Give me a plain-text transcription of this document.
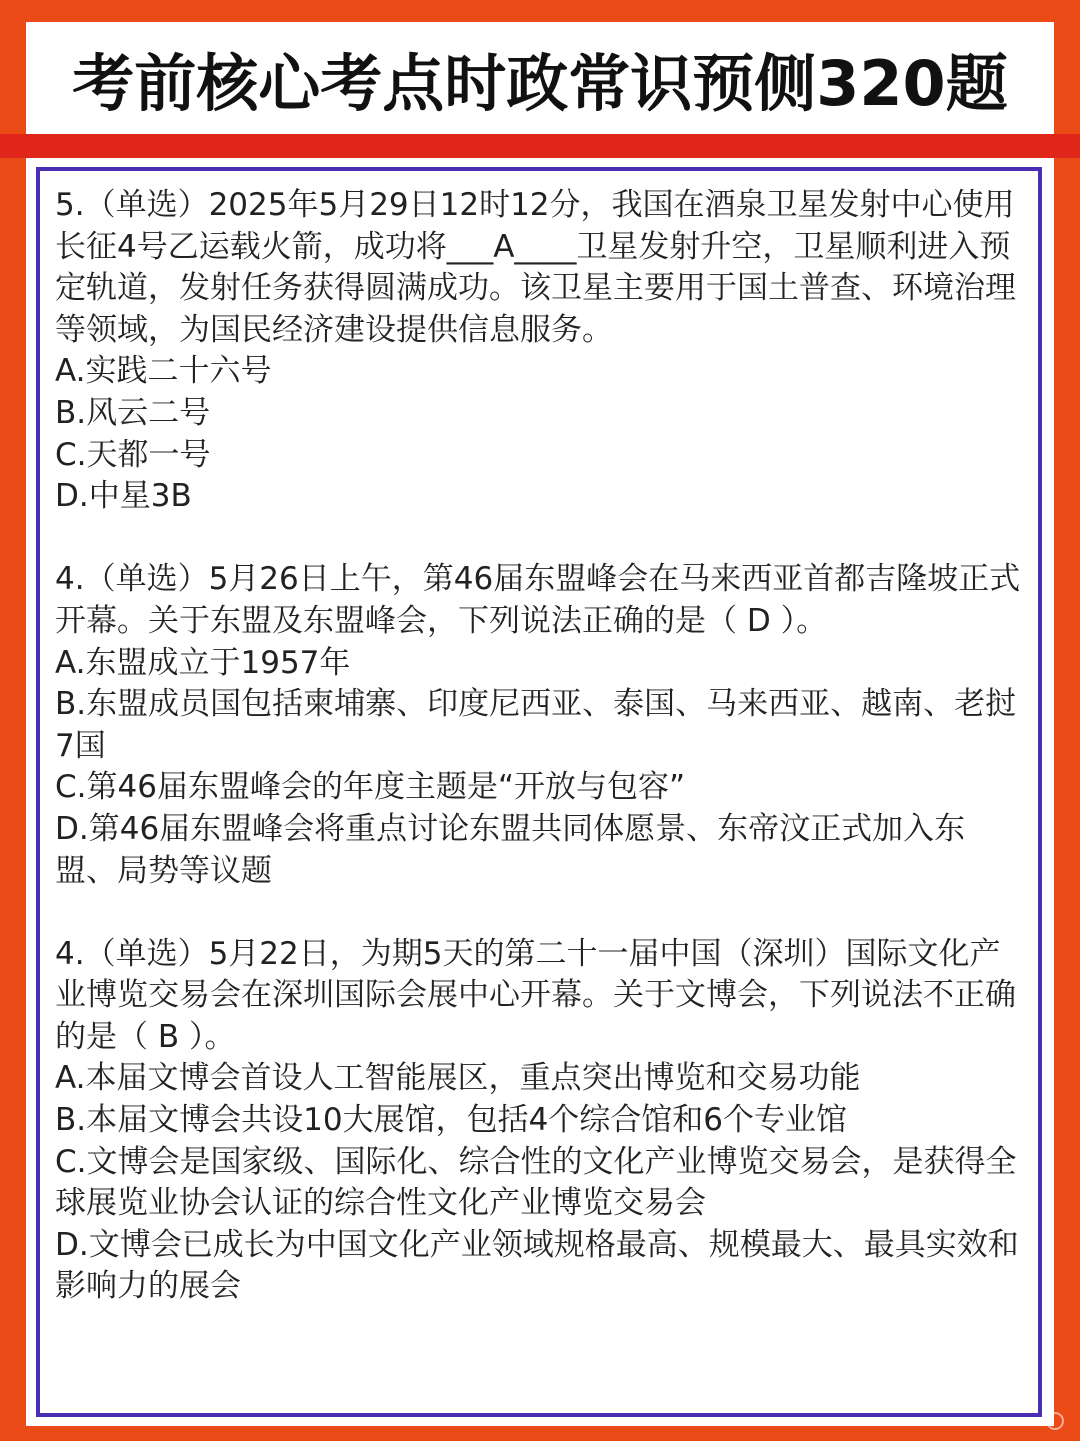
考前核心考点时政常识预侧320题

5.（单选）2025年5月29日12时12分，我国在酒泉卫星发射中心使用长征4号乙运载火箭，成功将___A____卫星发射升空，卫星顺利进入预定轨道，发射任务获得圆满成功。该卫星主要用于国土普查、环境治理等领域，为国民经济建设提供信息服务。

A.实践二十六号

B.风云二号

C.天都一号

D.中星3B

4.（单选）5月26日上午，第46届东盟峰会在马来西亚首都吉隆坡正式开幕。关于东盟及东盟峰会，下列说法正确的是（ D ）。

A.东盟成立于1957年

B.东盟成员国包括柬埔寨、印度尼西亚、泰国、马来西亚、越南、老挝7国

C.第46届东盟峰会的年度主题是“开放与包容”

D.第46届东盟峰会将重点讨论东盟共同体愿景、东帝汶正式加入东盟、局势等议题

4.（单选）5月22日，为期5天的第二十一届中国（深圳）国际文化产业博览交易会在深圳国际会展中心开幕。关于文博会，下列说法不正确的是（ B ）。

A.本届文博会首设人工智能展区，重点突出博览和交易功能

B.本届文博会共设10大展馆，包括4个综合馆和6个专业馆

C.文博会是国家级、国际化、综合性的文化产业博览交易会，是获得全球展览业协会认证的综合性文化产业博览交易会

D.文博会已成长为中国文化产业领域规格最高、规模最大、最具实效和影响力的展会
